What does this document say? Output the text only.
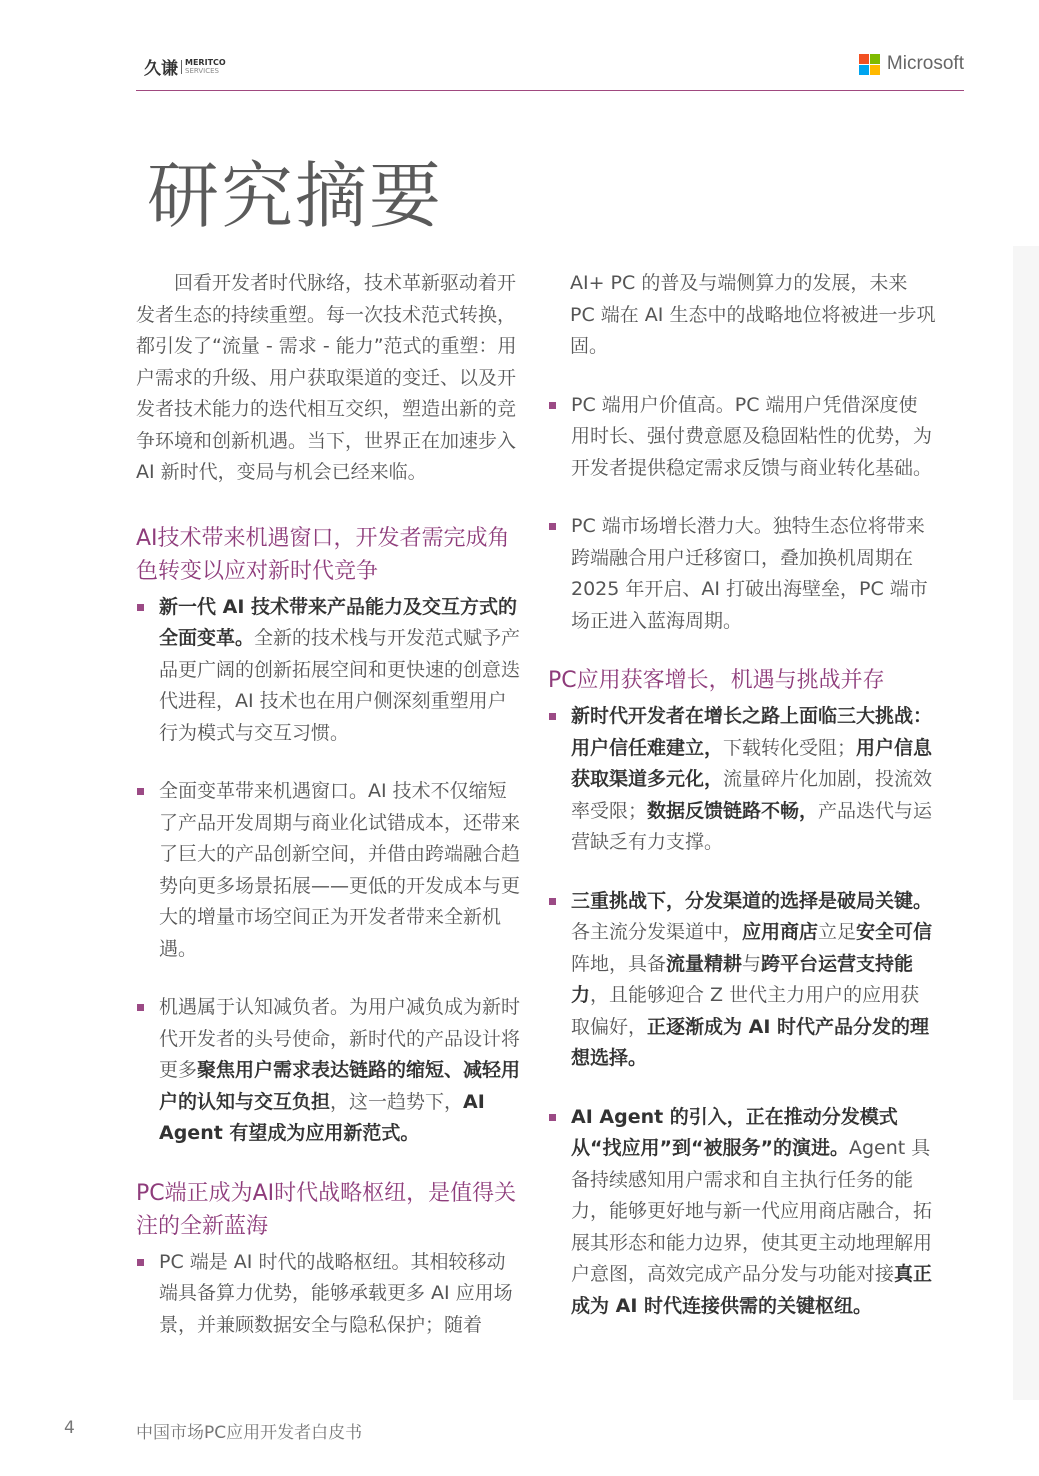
久谦 MERITCO
SERVICES	Microsoft
研究摘要

回看开发者时代脉络，技术革新驱动着开发者生态的持续重塑。每一次技术范式转换，都引发了“流量 - 需求 - 能力”范式的重塑：用户需求的升级、用户获取渠道的变迁、以及开发者技术能力的迭代相互交织，塑造出新的竞争环境和创新机遇。当下，世界正在加速步入 AI 新时代，变局与机会已经来临。

AI技术带来机遇窗口，开发者需完成角色转变以应对新时代竞争
新一代 AI 技术带来产品能力及交互方式的全面变革。全新的技术栈与开发范式赋予产品更广阔的创新拓展空间和更快速的创意迭代进程，AI 技术也在用户侧深刻重塑用户行为模式与交互习惯。
全面变革带来机遇窗口。AI 技术不仅缩短了产品开发周期与商业化试错成本，还带来了巨大的产品创新空间，并借由跨端融合趋势向更多场景拓展——更低的开发成本与更大的增量市场空间正为开发者带来全新机遇。
机遇属于认知减负者。为用户减负成为新时代开发者的头号使命，新时代的产品设计将更多聚焦用户需求表达链路的缩短、减轻用户的认知与交互负担，这一趋势下，AI Agent 有望成为应用新范式。
PC端正成为AI时代战略枢纽，是值得关注的全新蓝海
PC 端是 AI 时代的战略枢纽。其相较移动端具备算力优势，能够承载更多 AI 应用场景，并兼顾数据安全与隐私保护；随着

AI+ PC 的普及与端侧算力的发展，未来 PC 端在 AI 生态中的战略地位将被进一步巩固。

PC 端用户价值高。PC 端用户凭借深度使用时长、强付费意愿及稳固粘性的优势，为开发者提供稳定需求反馈与商业转化基础。
PC 端市场增长潜力大。独特生态位将带来跨端融合用户迁移窗口，叠加换机周期在 2025 年开启、AI 打破出海壁垒，PC 端市场正进入蓝海周期。
PC应用获客增长，机遇与挑战并存
新时代开发者在增长之路上面临三大挑战：用户信任难建立，下载转化受阻；用户信息获取渠道多元化，流量碎片化加剧，投流效率受限；数据反馈链路不畅，产品迭代与运营缺乏有力支撑。
三重挑战下，分发渠道的选择是破局关键。各主流分发渠道中，应用商店立足安全可信阵地，具备流量精耕与跨平台运营支持能力，且能够迎合 Z 世代主力用户的应用获取偏好，正逐渐成为 AI 时代产品分发的理想选择。
AI Agent 的引入，正在推动分发模式从“找应用”到“被服务”的演进。Agent 具备持续感知用户需求和自主执行任务的能力，能够更好地与新一代应用商店融合，拓展其形态和能力边界，使其更主动地理解用户意图，高效完成产品分发与功能对接真正成为 AI 时代连接供需的关键枢纽。
4	中国市场PC应用开发者白皮书
